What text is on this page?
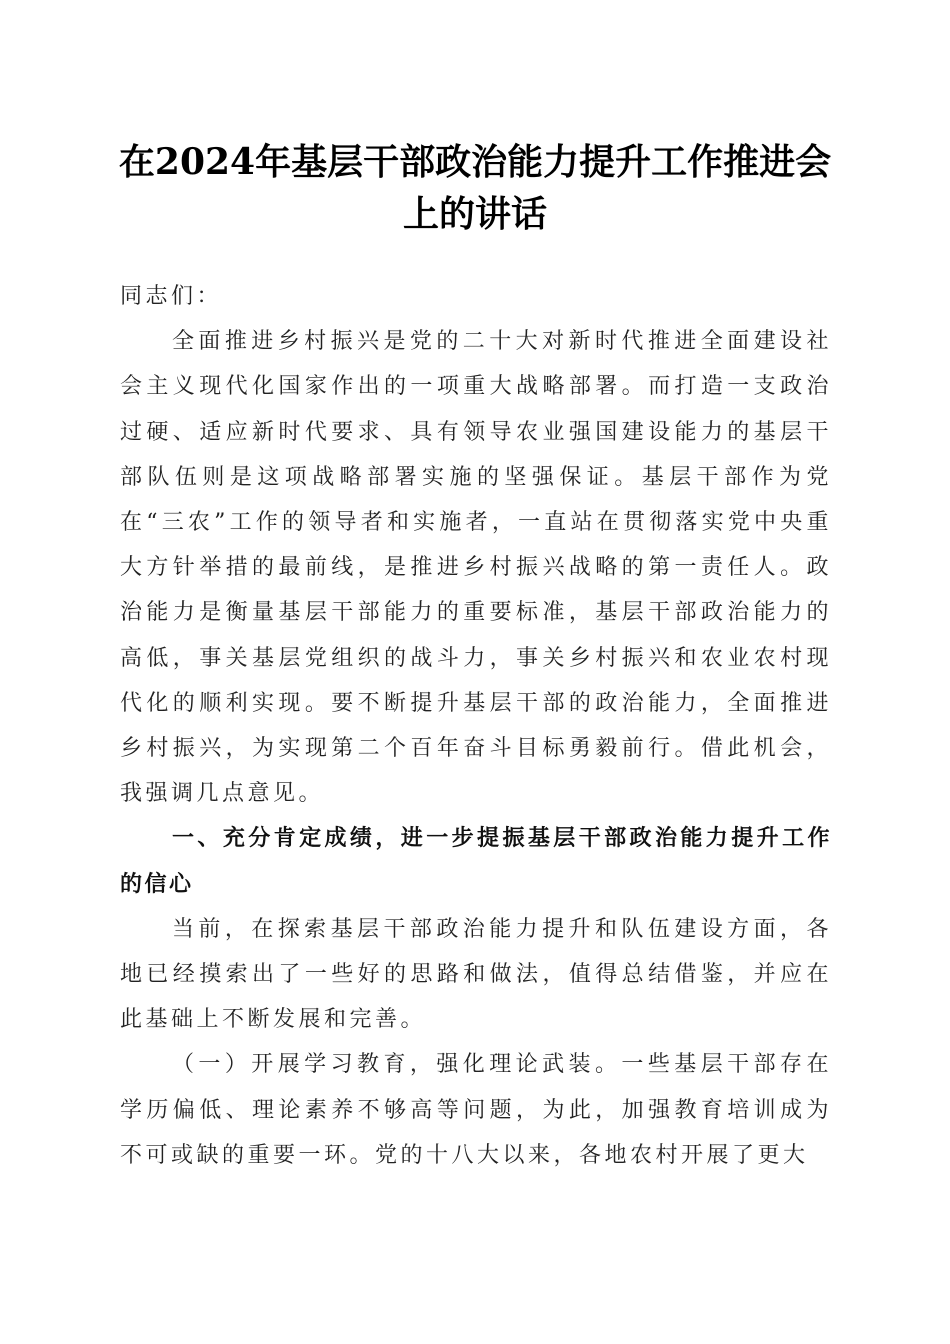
在2024年基层干部政治能力提升工作推进会
上的讲话

同志们：

全面推进乡村振兴是党的二十大对新时代推进全面建设社会主义现代化国家作出的一项重大战略部署。而打造一支政治过硬、适应新时代要求、具有领导农业强国建设能力的基层干部队伍则是这项战略部署实施的坚强保证。基层干部作为党在“三农”工作的领导者和实施者，一直站在贯彻落实党中央重大方针举措的最前线，是推进乡村振兴战略的第一责任人。政治能力是衡量基层干部能力的重要标准，基层干部政治能力的高低，事关基层党组织的战斗力，事关乡村振兴和农业农村现代化的顺利实现。要不断提升基层干部的政治能力，全面推进乡村振兴，为实现第二个百年奋斗目标勇毅前行。借此机会，我强调几点意见。

一、充分肯定成绩，进一步提振基层干部政治能力提升工作的信心

当前，在探索基层干部政治能力提升和队伍建设方面，各地已经摸索出了一些好的思路和做法，值得总结借鉴，并应在此基础上不断发展和完善。

（一）开展学习教育，强化理论武装。一些基层干部存在学历偏低、理论素养不够高等问题，为此，加强教育培训成为不可或缺的重要一环。党的十八大以来，各地农村开展了更大
